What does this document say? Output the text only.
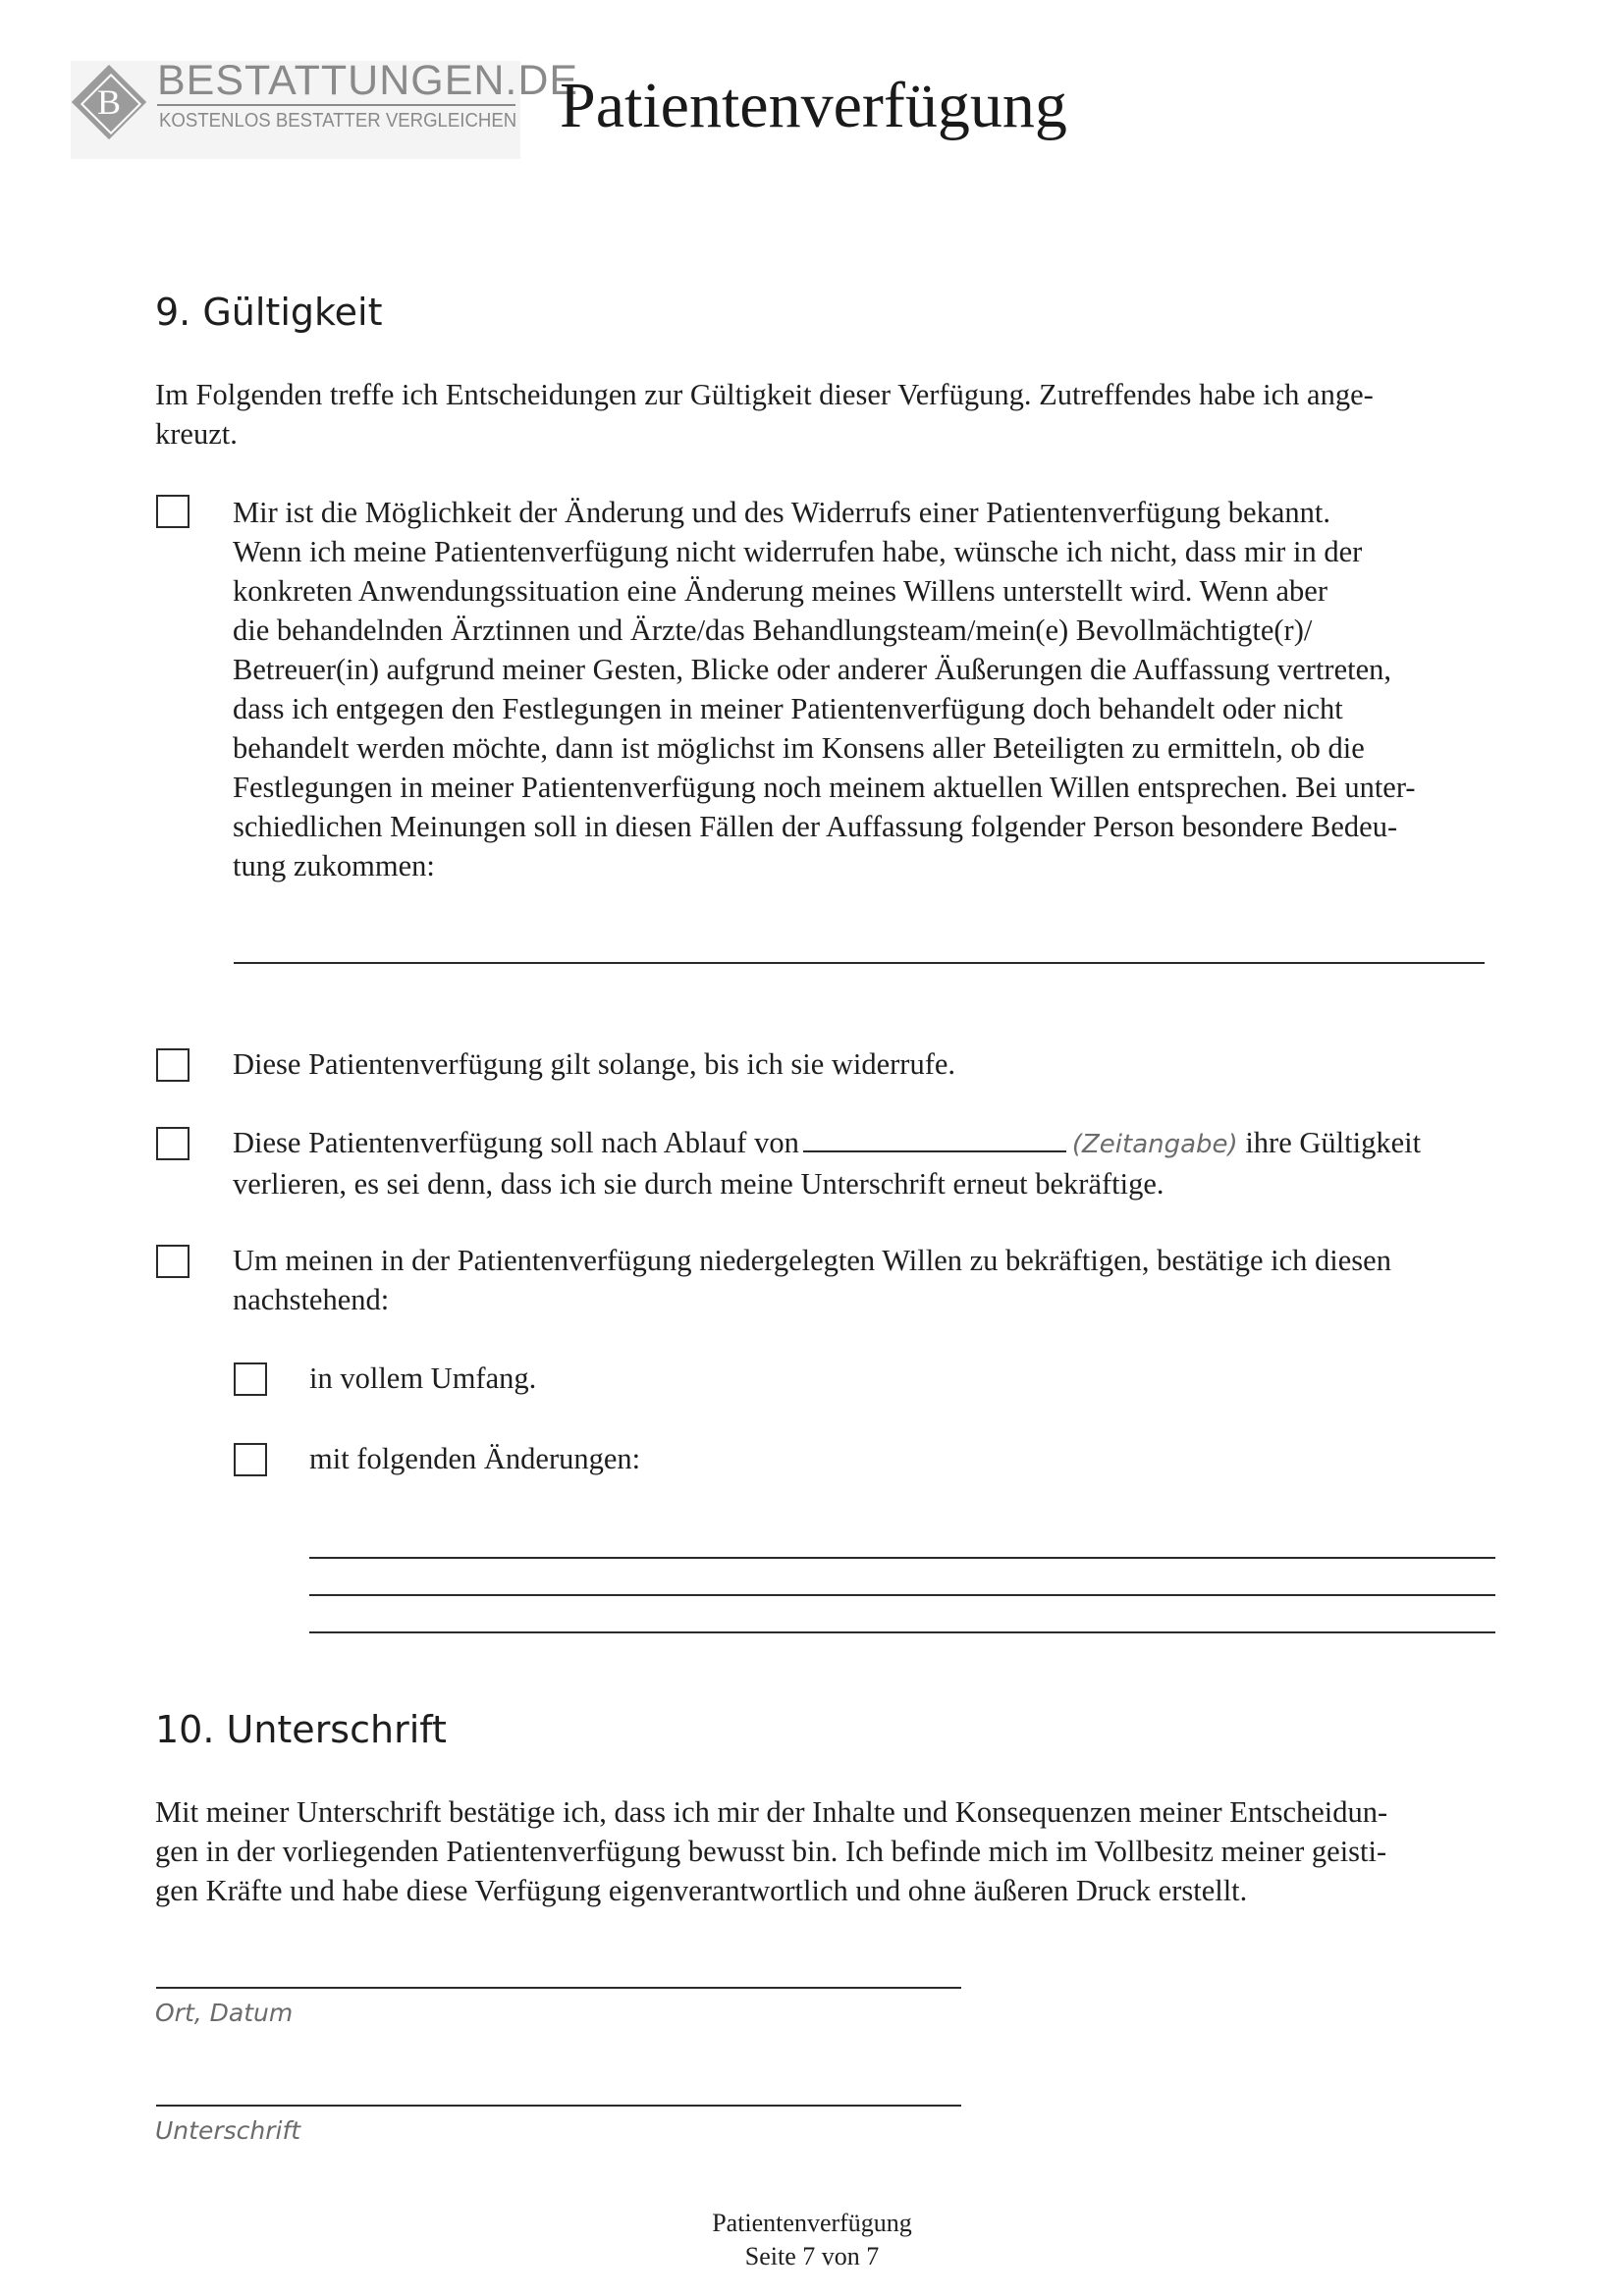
B BESTATTUNGEN.DE
KOSTENLOS BESTATTER VERGLEICHEN Patientenverfügung
9. Gültigkeit
Im Folgenden treffe ich Entscheidungen zur Gültigkeit dieser Verfügung. Zutreffendes habe ich ange-
kreuzt.
Mir ist die Möglichkeit der Änderung und des Widerrufs einer Patientenverfügung bekannt.
Wenn ich meine Patientenverfügung nicht widerrufen habe, wünsche ich nicht, dass mir in der
konkreten Anwendungssituation eine Änderung meines Willens unterstellt wird. Wenn aber
die behandelnden Ärztinnen und Ärzte/das Behandlungsteam/mein(e) Bevollmächtigte(r)/
Betreuer(in) aufgrund meiner Gesten, Blicke oder anderer Äußerungen die Auffassung vertreten,
dass ich entgegen den Festlegungen in meiner Patientenverfügung doch behandelt oder nicht
behandelt werden möchte, dann ist möglichst im Konsens aller Beteiligten zu ermitteln, ob die
Festlegungen in meiner Patientenverfügung noch meinem aktuellen Willen entsprechen. Bei unter-
schiedlichen Meinungen soll in diesen Fällen der Auffassung folgender Person besondere Bedeu-
tung zukommen:
Diese Patientenverfügung gilt solange, bis ich sie widerrufe.
Diese Patientenverfügung soll nach Ablauf von	(Zeitangabe) ihre Gültigkeit
verlieren, es sei denn, dass ich sie durch meine Unterschrift erneut bekräftige.
Um meinen in der Patientenverfügung niedergelegten Willen zu bekräftigen, bestätige ich diesen
nachstehend:
in vollem Umfang.
mit folgenden Änderungen:
10. Unterschrift
Mit meiner Unterschrift bestätige ich, dass ich mir der Inhalte und Konsequenzen meiner Entscheidun-
gen in der vorliegenden Patientenverfügung bewusst bin. Ich befinde mich im Vollbesitz meiner geisti-
gen Kräfte und habe diese Verfügung eigenverantwortlich und ohne äußeren Druck erstellt.
Ort, Datum
Unterschrift
Patientenverfügung
Seite 7 von 7
